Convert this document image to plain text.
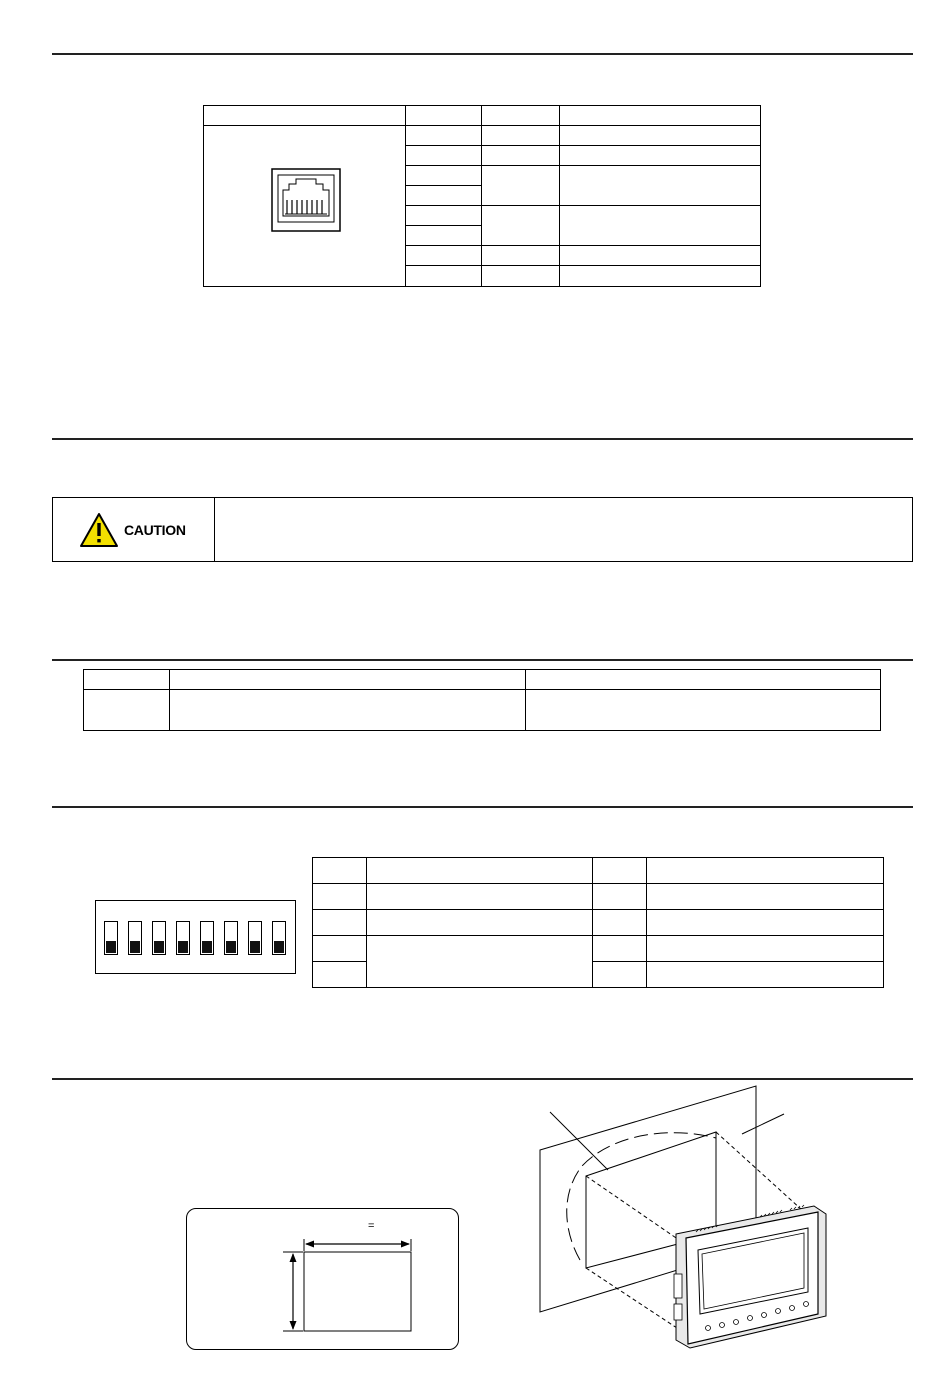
CAUTION
=
